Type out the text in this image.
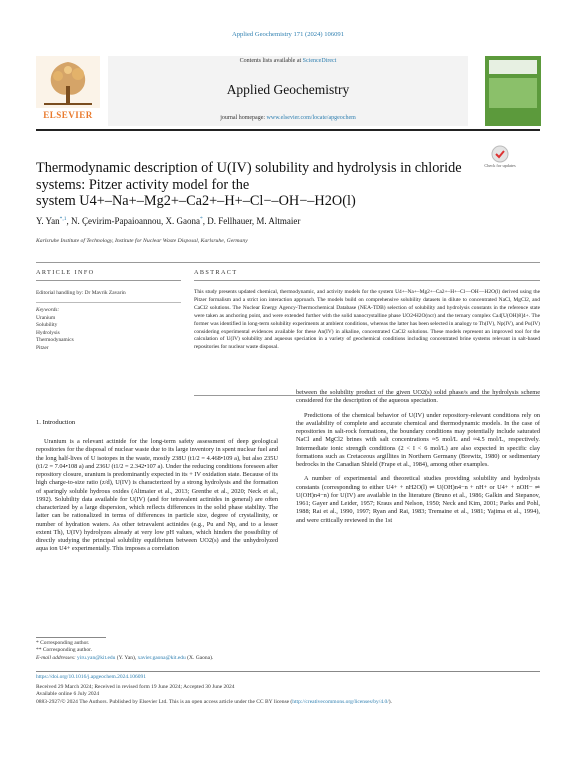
Applied Geochemistry 171 (2024) 106091
Contents lists available at ScienceDirect
Applied Geochemistry
journal homepage: www.elsevier.com/locate/apgeochem
ELSEVIER
Thermodynamic description of U(IV) solubility and hydrolysis in chloride
systems: Pitzer activity model for the
system U4+–Na+–Mg2+–Ca2+–H+–Cl−–OH−–H2O(l)
Check for updates
Y. Yan$^{*,1}$, N. Çevirim-Papaioannou, X. Gaona*, D. Fellhauer, M. Altmaier
Karlsruhe Institute of Technology, Institute for Nuclear Waste Disposal, Karlsruhe, Germany
ARTICLE INFO	ABSTRACT
Editorial handling by: Dr Mavrik Zavarin
Keywords:
Uranium
Solubility
Hydrolysis
Thermodynamics
Pitzer
This study presents updated chemical, thermodynamic, and activity models for the system U4+–Na+–Mg2+–Ca2+–H+–Cl−–OH−–H2O(l) derived using the Pitzer formalism and a strict ion interaction approach. The models build on comprehensive solubility datasets in dilute to concentrated NaCl, MgCl2, and CaCl2 solutions. The Nuclear Energy Agency-Thermochemical Database (NEA-TDB) selection of solubility and hydrolysis constants in the reference state were taken as anchoring point, and were extended further with the solid nanocrystalline phase UO2•H2O(ncr) and the ternary complex Ca4[U(OH)8]4+. The former was identified in long-term solubility experiments at ambient conditions, whereas the latter has been selected in analogy to Th(IV), Np(IV), and Pu(IV) considering experimental evidences available for these An(IV) in alkaline, concentrated CaCl2 solutions. These models represent an improved tool for the calculation of U(IV) solubility and aqueous speciation in a variety of geochemical conditions including concentrated brine systems relevant in salt-based repositories for nuclear waste disposal.
1. Introduction

Uranium is a relevant actinide for the long-term safety assessment of deep geological repositories for the disposal of nuclear waste due to its large inventory in spent nuclear fuel and the long half-lives of U isotopes in the waste, mostly 238U (t1/2 = 4.468•109 a), but also 235U (t1/2 = 7.04•108 a) and 236U (t1/2 = 2.342•107 a). Under the reducing conditions foreseen after repository closure, uranium is predominantly expected in its + IV oxidation state. Because of its high charge-to-size ratio (z/d), U(IV) is characterized by a strong hydrolysis and the formation of sparingly soluble hydrous oxides (Altmaier et al., 2013; Grenthe et al., 2020; Neck et al., 1992). Solubility data available for U(IV) (and for tetravalent actinides in general) are often characterized by a large dispersion, which reflects differences in the solid phase stability. The latter can be rationalized in terms of differences in particle size, degree of crystallinity, or number of hydration waters. As other tetravalent actinides (e.g., Pu and Np, and to a lesser extent Th), U(IV) hydrolyzes already at very low pH values, which hinders the possibility of directly studying the principal solubility equilibrium between UO2(s) and the unhydrolyzed aqua ion U4+ experimentally. This imposes a correlation

between the solubility product of the given UO2(s) solid phase/s and the hydrolysis scheme considered for the description of the aqueous speciation.

Predictions of the chemical behavior of U(IV) under repository-relevant conditions rely on the availability of complete and accurate chemical and thermodynamic models. In the case of repositories in salt-rock formations, the boundary conditions may potentially include saturated NaCl and MgCl2 brines with salt concentrations ≈5 mol/L and ≈4.5 mol/L, respectively. Intermediate ionic strength conditions (2 < I < 6 mol/L) are also expected in specific clay formations such as Cretaceous argillites in Northern Germany (Brewitz, 1980) or sedimentary bedrocks in the Canadian Shield (Frape et al., 1984), among other examples.

A number of experimental and theoretical studies providing solubility and hydrolysis constants (corresponding to either U4+ + nH2O(l) ⇌ U(OH)n4−n + nH+ or U4+ + nOH− ⇌ U(OH)n4−n) for U(IV) are available in the literature (Bruno et al., 1986; Galkin and Stepanov, 1961; Gayer and Leider, 1957; Kraus and Nelson, 1950; Neck and Kim, 2001; Parks and Pohl, 1988; Rai et al., 1990, 1997; Ryan and Rai, 1983; Tremaine et al., 1981; Yajima et al., 1994), and were critically reviewed in the 1st

* Corresponding author.
** Corresponding author.
E-mail addresses: yiru.yan@kit.edu (Y. Yan), xavier.gaona@kit.edu (X. Gaona).
https://doi.org/10.1016/j.apgeochem.2024.106091
Received 29 March 2024; Received in revised form 19 June 2024; Accepted 30 June 2024
Available online 6 July 2024
0883-2927/© 2024 The Authors. Published by Elsevier Ltd. This is an open access article under the CC BY license (http://creativecommons.org/licenses/by/4.0/).
